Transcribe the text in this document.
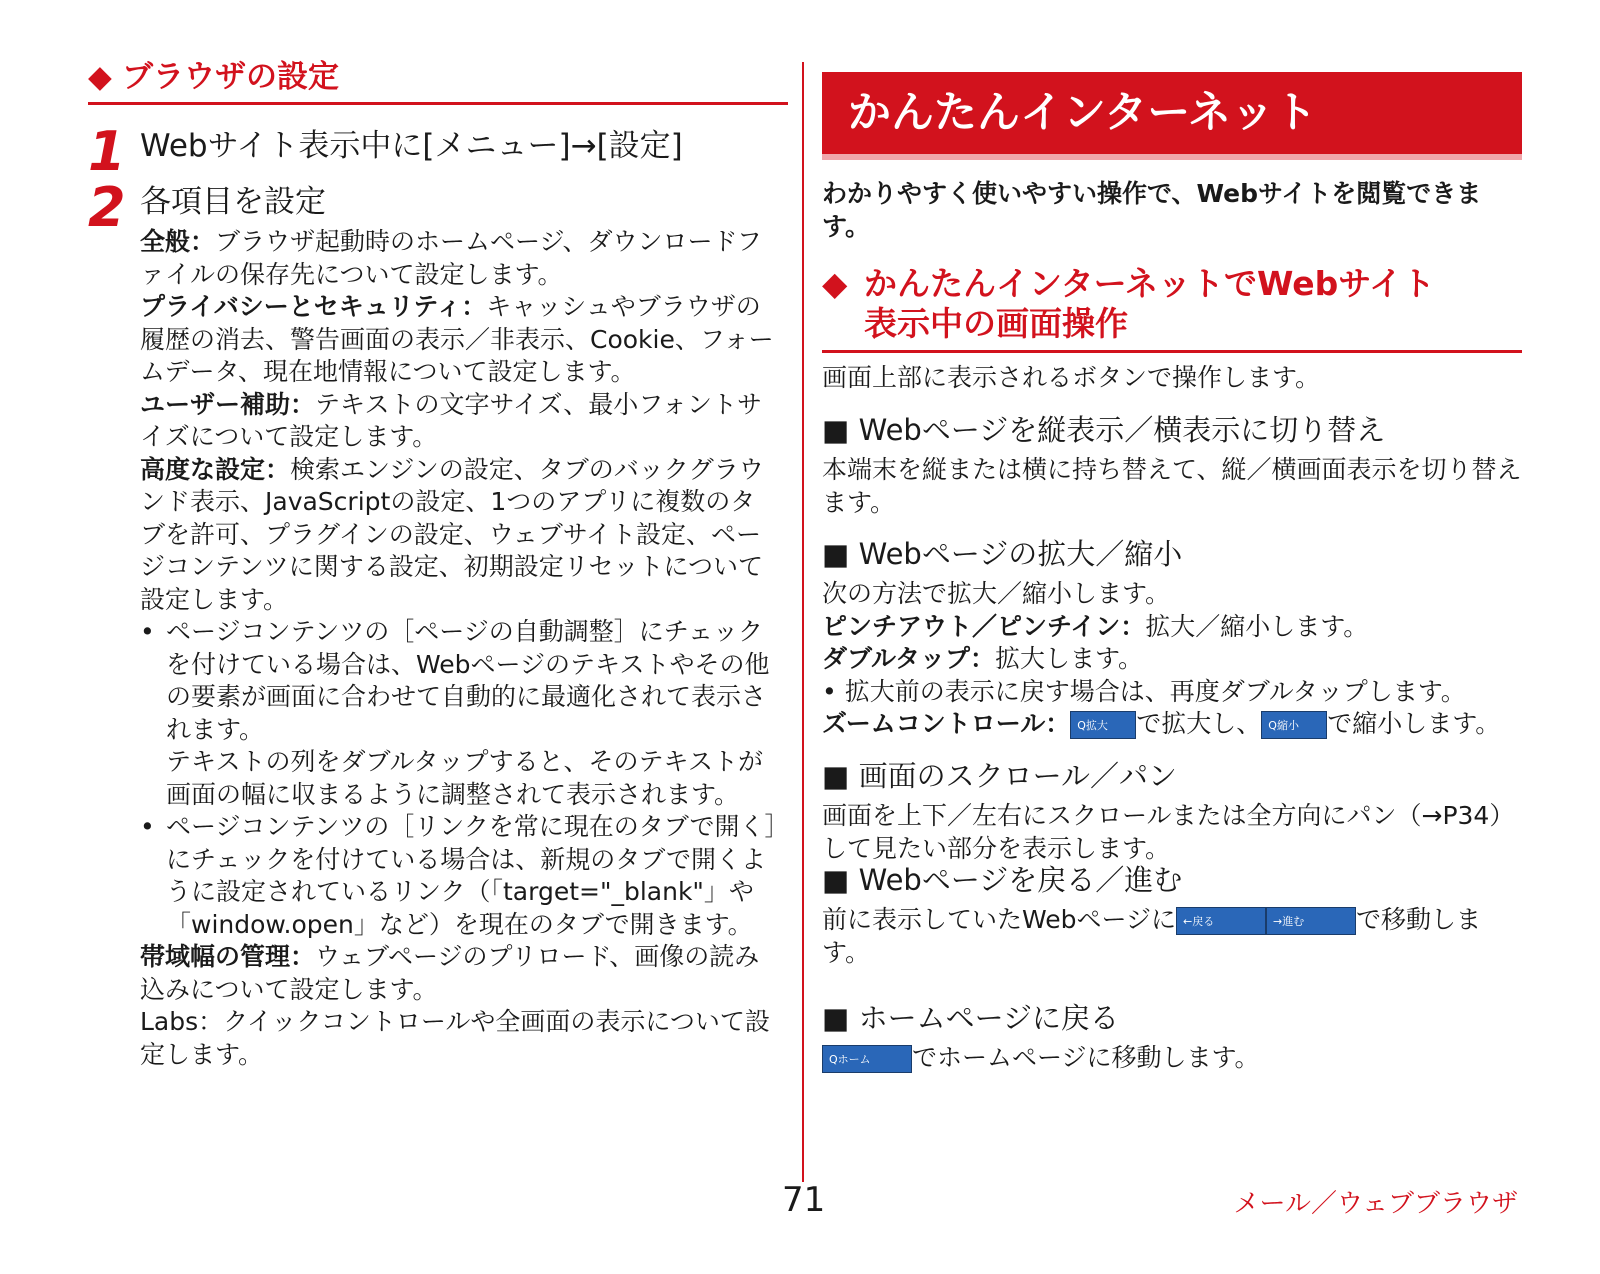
◆ ブラウザの設定
1 Webサイト表示中に[メニュー]→[設定]
2 各項目を設定

全般：ブラウザ起動時のホームページ、ダウンロードファイルの保存先について設定します。

プライバシーとセキュリティ：キャッシュやブラウザの履歴の消去、警告画面の表示／非表示、Cookie、フォームデータ、現在地情報について設定します。

ユーザー補助：テキストの文字サイズ、最小フォントサイズについて設定します。

高度な設定：検索エンジンの設定、タブのバックグラウンド表示、JavaScriptの設定、1つのアプリに複数のタブを許可、プラグインの設定、ウェブサイト設定、ページコンテンツに関する設定、初期設定リセットについて設定します。

• ページコンテンツの［ページの自動調整］にチェックを付けている場合は、Webページのテキストやその他の要素が画面に合わせて自動的に最適化されて表示されます。

テキストの列をダブルタップすると、そのテキストが画面の幅に収まるように調整されて表示されます。

• ページコンテンツの［リンクを常に現在のタブで開く］にチェックを付けている場合は、新規のタブで開くように設定されているリンク（「target="_blank"」や「window.open」など）を現在のタブで開きます。

帯域幅の管理：ウェブページのプリロード、画像の読み込みについて設定します。

Labs：クイックコントロールや全画面の表示について設定します。

かんたんインターネット
わかりやすく使いやすい操作で、Webサイトを閲覧できます。
◆ かんたんインターネットでWebサイト
表示中の画面操作
画面上部に表示されるボタンで操作します。
■ Webページを縦表示／横表示に切り替え
本端末を縦または横に持ち替えて、縦／横画面表示を切り替えます。
■ Webページの拡大／縮小

次の方法で拡大／縮小します。

ピンチアウト／ピンチイン：拡大／縮小します。

ダブルタップ：拡大します。

• 拡大前の表示に戻す場合は、再度ダブルタップします。

ズームコントロール： Q拡大 で拡大し、 Q縮小 で縮小します。

■ 画面のスクロール／パン
画面を上下／左右にスクロールまたは全方向にパン（→P34）して見たい部分を表示します。
■ Webページを戻る／進む
前に表示していたWebページに ←戻る	→進む で移動します。
■ ホームページに戻る
Qホーム でホームページに移動します。
71	メール／ウェブブラウザ
